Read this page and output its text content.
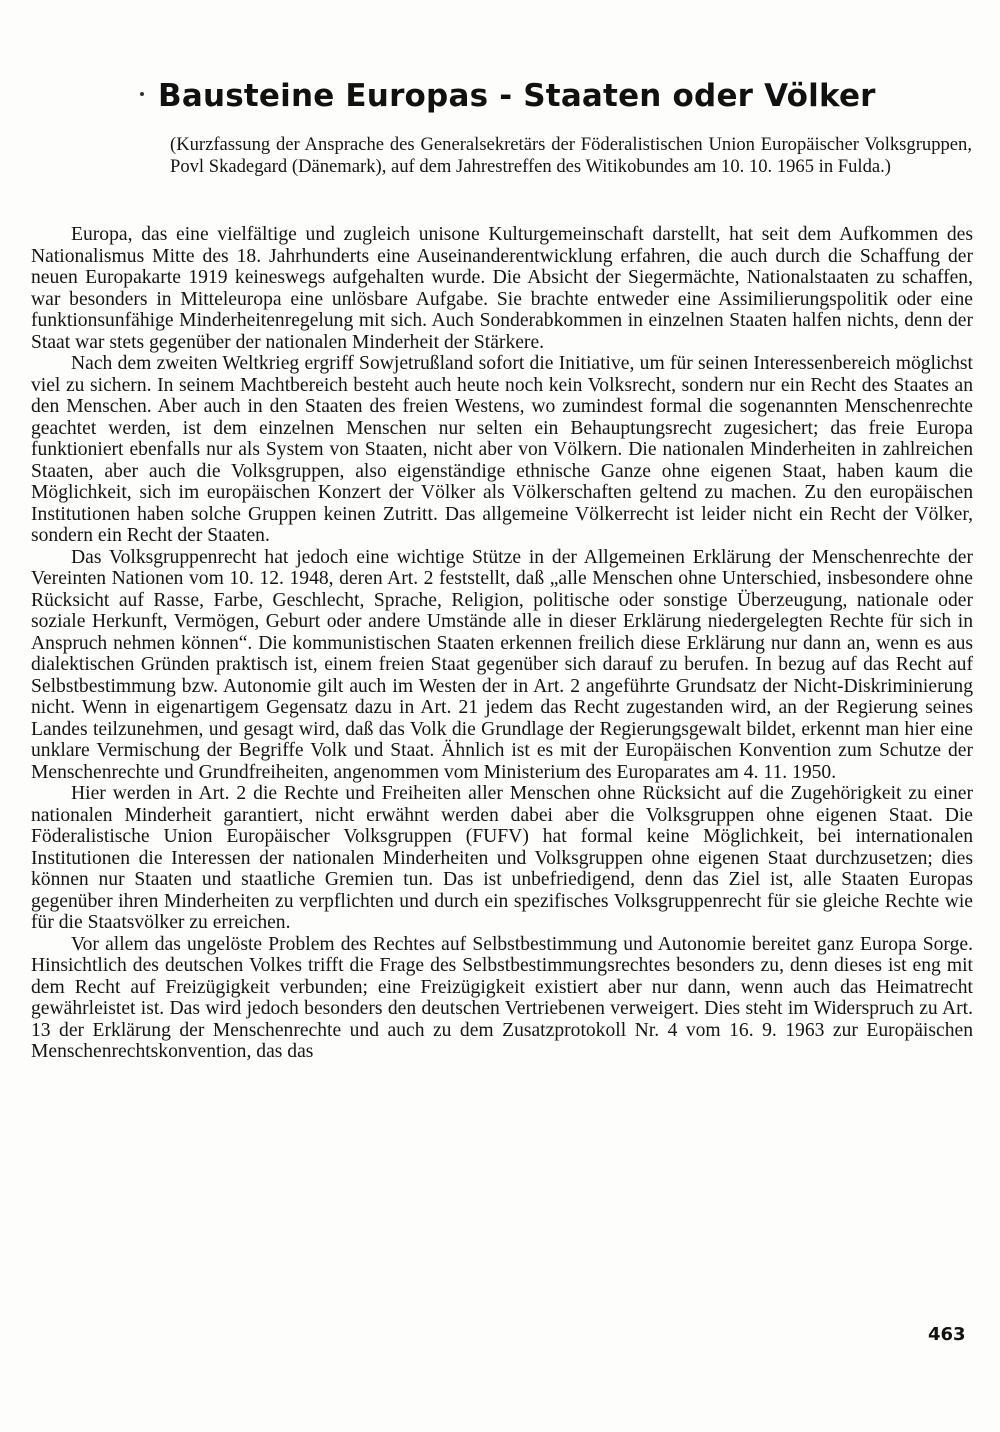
Bausteine Europas - Staaten oder Völker

(Kurzfassung der Ansprache des Generalsekretärs der Föderalistischen Union Europäischer Volksgruppen, Povl Skadegard (Dänemark), auf dem Jahrestreffen des Witikobundes am 10. 10. 1965 in Fulda.)

Europa, das eine vielfältige und zugleich unisone Kulturgemeinschaft darstellt, hat seit dem Aufkommen des Nationalismus Mitte des 18. Jahrhunderts eine Auseinanderentwicklung erfahren, die auch durch die Schaffung der neuen Europakarte 1919 keineswegs aufgehalten wurde. Die Absicht der Siegermächte, Nationalstaaten zu schaffen, war besonders in Mitteleuropa eine unlösbare Aufgabe. Sie brachte entweder eine Assimilierungspolitik oder eine funktionsunfähige Minderheitenregelung mit sich. Auch Sonderabkommen in einzelnen Staaten halfen nichts, denn der Staat war stets gegenüber der nationalen Minderheit der Stärkere.

Nach dem zweiten Weltkrieg ergriff Sowjetrußland sofort die Initiative, um für seinen Interessenbereich möglichst viel zu sichern. In seinem Machtbereich besteht auch heute noch kein Volksrecht, sondern nur ein Recht des Staates an den Menschen. Aber auch in den Staaten des freien Westens, wo zumindest formal die sogenannten Menschenrechte geachtet werden, ist dem einzelnen Menschen nur selten ein Behauptungsrecht zugesichert; das freie Europa funktioniert ebenfalls nur als System von Staaten, nicht aber von Völkern. Die nationalen Minderheiten in zahlreichen Staaten, aber auch die Volksgruppen, also eigenständige ethnische Ganze ohne eigenen Staat, haben kaum die Möglichkeit, sich im europäischen Konzert der Völker als Völkerschaften geltend zu machen. Zu den europäischen Institutionen haben solche Gruppen keinen Zutritt. Das allgemeine Völkerrecht ist leider nicht ein Recht der Völker, sondern ein Recht der Staaten.

Das Volksgruppenrecht hat jedoch eine wichtige Stütze in der Allgemeinen Erklärung der Menschenrechte der Vereinten Nationen vom 10. 12. 1948, deren Art. 2 feststellt, daß „alle Menschen ohne Unterschied, insbesondere ohne Rücksicht auf Rasse, Farbe, Geschlecht, Sprache, Religion, politische oder sonstige Überzeugung, nationale oder soziale Herkunft, Vermögen, Geburt oder andere Umstände alle in dieser Erklärung niedergelegten Rechte für sich in Anspruch nehmen können“. Die kommunistischen Staaten erkennen freilich diese Erklärung nur dann an, wenn es aus dialektischen Gründen praktisch ist, einem freien Staat gegenüber sich darauf zu berufen. In bezug auf das Recht auf Selbstbestimmung bzw. Autonomie gilt auch im Westen der in Art. 2 angeführte Grundsatz der Nicht-Diskriminierung nicht. Wenn in eigenartigem Gegensatz dazu in Art. 21 jedem das Recht zugestanden wird, an der Regierung seines Landes teilzunehmen, und gesagt wird, daß das Volk die Grundlage der Regierungsgewalt bildet, erkennt man hier eine unklare Vermischung der Begriffe Volk und Staat. Ähnlich ist es mit der Europäischen Konvention zum Schutze der Menschenrechte und Grundfreiheiten, angenommen vom Ministerium des Europarates am 4. 11. 1950.

Hier werden in Art. 2 die Rechte und Freiheiten aller Menschen ohne Rücksicht auf die Zugehörigkeit zu einer nationalen Minderheit garantiert, nicht erwähnt werden dabei aber die Volksgruppen ohne eigenen Staat. Die Föderalistische Union Europäischer Volksgruppen (FUFV) hat formal keine Möglichkeit, bei internationalen Institutionen die Interessen der nationalen Minderheiten und Volksgruppen ohne eigenen Staat durchzusetzen; dies können nur Staaten und staatliche Gremien tun. Das ist unbefriedigend, denn das Ziel ist, alle Staaten Europas gegenüber ihren Minderheiten zu verpflichten und durch ein spezifisches Volksgruppenrecht für sie gleiche Rechte wie für die Staatsvölker zu erreichen.

Vor allem das ungelöste Problem des Rechtes auf Selbstbestimmung und Autonomie bereitet ganz Europa Sorge. Hinsichtlich des deutschen Volkes trifft die Frage des Selbstbestimmungsrechtes besonders zu, denn dieses ist eng mit dem Recht auf Freizügigkeit verbunden; eine Freizügigkeit existiert aber nur dann, wenn auch das Heimatrecht gewährleistet ist. Das wird jedoch besonders den deutschen Vertriebenen verweigert. Dies steht im Widerspruch zu Art. 13 der Erklärung der Menschenrechte und auch zu dem Zusatzprotokoll Nr. 4 vom 16. 9. 1963 zur Europäischen Menschenrechtskonvention, das das

463
